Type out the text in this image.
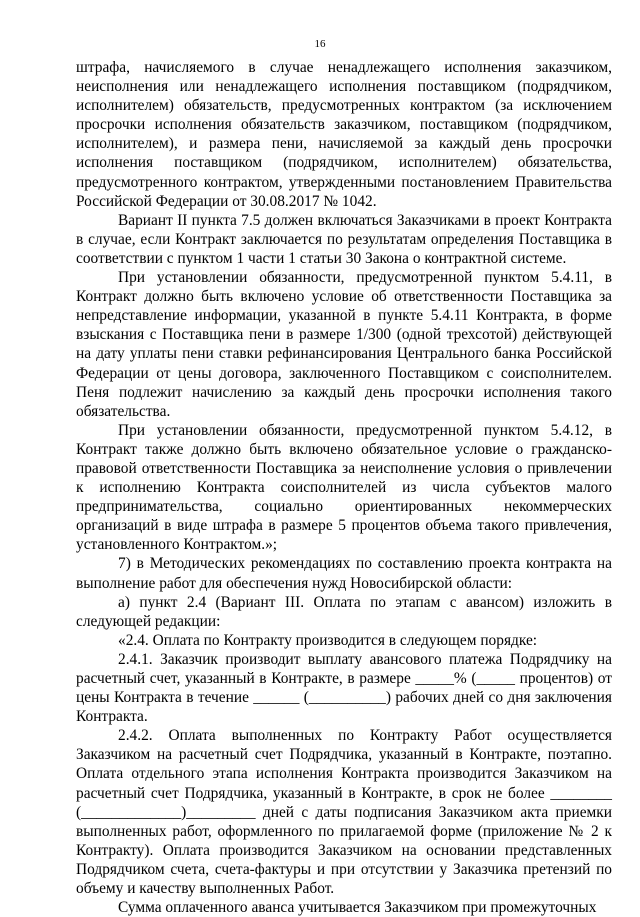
16

штрафа, начисляемого в случае ненадлежащего исполнения заказчиком, неисполнения или ненадлежащего исполнения поставщиком (подрядчиком, исполнителем) обязательств, предусмотренных контрактом (за исключением просрочки исполнения обязательств заказчиком, поставщиком (подрядчиком, исполнителем), и размера пени, начисляемой за каждый день просрочки исполнения поставщиком (подрядчиком, исполнителем) обязательства, предусмотренного контрактом, утвержденными постановлением Правительства Российской Федерации от 30.08.2017 № 1042.

Вариант II пункта 7.5 должен включаться Заказчиками в проект Контракта в случае, если Контракт заключается по результатам определения Поставщика в соответствии с пунктом 1 части 1 статьи 30 Закона о контрактной системе.

При установлении обязанности, предусмотренной пунктом 5.4.11, в Контракт должно быть включено условие об ответственности Поставщика за непредставление информации, указанной в пункте 5.4.11 Контракта, в форме взыскания с Поставщика пени в размере 1/300 (одной трехсотой) действующей на дату уплаты пени ставки рефинансирования Центрального банка Российской Федерации от цены договора, заключенного Поставщиком с соисполнителем. Пеня подлежит начислению за каждый день просрочки исполнения такого обязательства.

При установлении обязанности, предусмотренной пунктом 5.4.12, в Контракт также должно быть включено обязательное условие о гражданско-правовой ответственности Поставщика за неисполнение условия о привлечении к исполнению Контракта соисполнителей из числа субъектов малого предпринимательства, социально ориентированных некоммерческих организаций в виде штрафа в размере 5 процентов объема такого привлечения, установленного Контрактом.»;

7) в Методических рекомендациях по составлению проекта контракта на выполнение работ для обеспечения нужд Новосибирской области:

а) пункт 2.4 (Вариант III. Оплата по этапам с авансом) изложить в следующей редакции:

«2.4. Оплата по Контракту производится в следующем порядке:

2.4.1. Заказчик производит выплату авансового платежа Подрядчику на расчетный счет, указанный в Контракте, в размере _____% (_____ процентов) от цены Контракта в течение ______ (__________) рабочих дней со дня заключения Контракта.

2.4.2. Оплата выполненных по Контракту Работ осуществляется Заказчиком на расчетный счет Подрядчика, указанный в Контракте, поэтапно. Оплата отдельного этапа исполнения Контракта производится Заказчиком на расчетный счет Подрядчика, указанный в Контракте, в срок не более ________ (_____________)_________ дней с даты подписания Заказчиком акта приемки выполненных работ, оформленного по прилагаемой форме (приложение № 2 к Контракту). Оплата производится Заказчиком на основании представленных Подрядчиком счета, счета-фактуры и при отсутствии у Заказчика претензий по объему и качеству выполненных Работ.

Сумма оплаченного аванса учитывается Заказчиком при промежуточных
